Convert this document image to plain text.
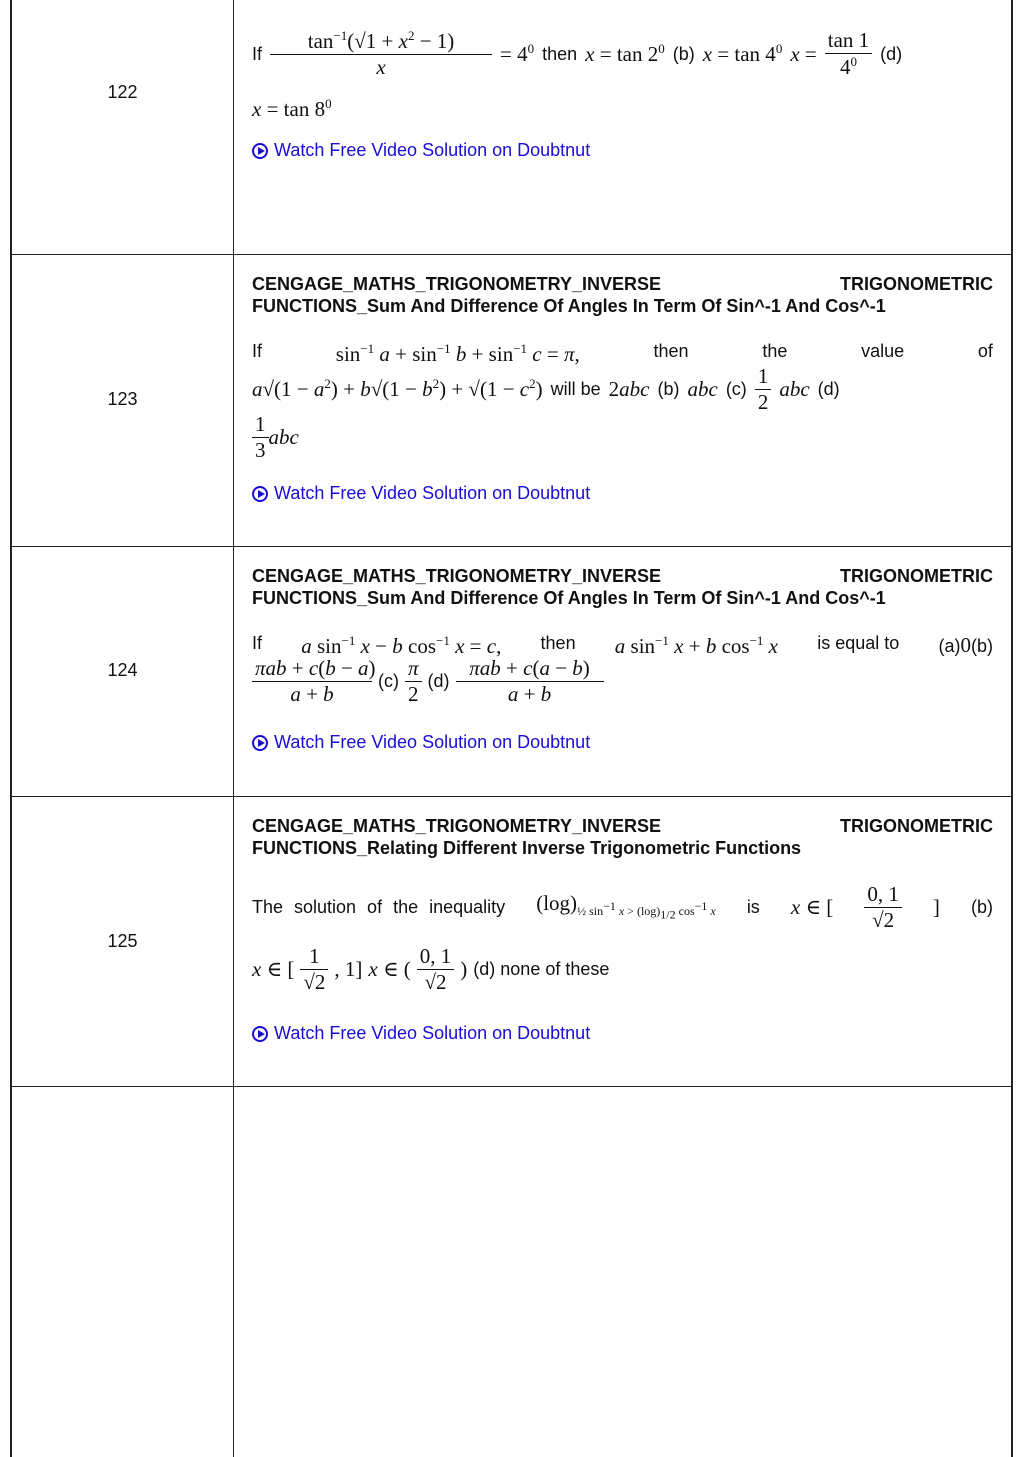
122
If $\frac{\tan^{-1}(√1 + x^2 - 1)}{x} = 4^0$ then $x = \tan 2^0$ (b) $x = \tan 4^0$ $x = \frac{\tan 1}{4^0} (d)$
$x = \tan 8^0$
Watch Free Video Solution on Doubtnut
123
CENGAGE_MATHS_TRIGONOMETRY_INVERSE	TRIGONOMETRIC
FUNCTIONS_Sum And Difference Of Angles In Term Of Sin^-1 And Cos^-1
If	$\sin^{-1} a + \sin^{-1} b + \sin^{-1} c = \pi$,	then	the	value	of
$a√(1 - a^2) + b√(1 - b^2) + √(1 - c^2)$ will be 2abc (b) abc $(c) \frac{1}{2}$ abc (d)
$\frac{1}{3}$ abc
Watch Free Video Solution on Doubtnut
124
CENGAGE_MATHS_TRIGONOMETRY_INVERSE	TRIGONOMETRIC
FUNCTIONS_Sum And Difference Of Angles In Term Of Sin^-1 And Cos^-1
If a $\sin^{-1} x - b$ $\cos^{-1} x = c$, then a $\sin^{-1} x + b$ $\cos^{-1} x$ is equal to (a)0(b)
$\frac{\text{πab + c(b − a)}}{a + b} (c) \frac{\pi}{2} (d) \frac{\text{πab + c(a − b)}}{a + b}$
Watch Free Video Solution on Doubtnut
125
CENGAGE_MATHS_TRIGONOMETRY_INVERSE	TRIGONOMETRIC
FUNCTIONS_Relating Different Inverse Trigonometric Functions
The solution of the inequality $(\log)_{\frac{1}{2} sin-1 x > (log)1/2 cos-1 x}$ is x ∈ [ $\frac{0, 1}{√2}$ ] (b)
x ∈ [ $\frac{1}{√2}$ , 1] x ∈ ( $\frac{0, 1}{√2}$ ) (d) none of these
Watch Free Video Solution on Doubtnut
